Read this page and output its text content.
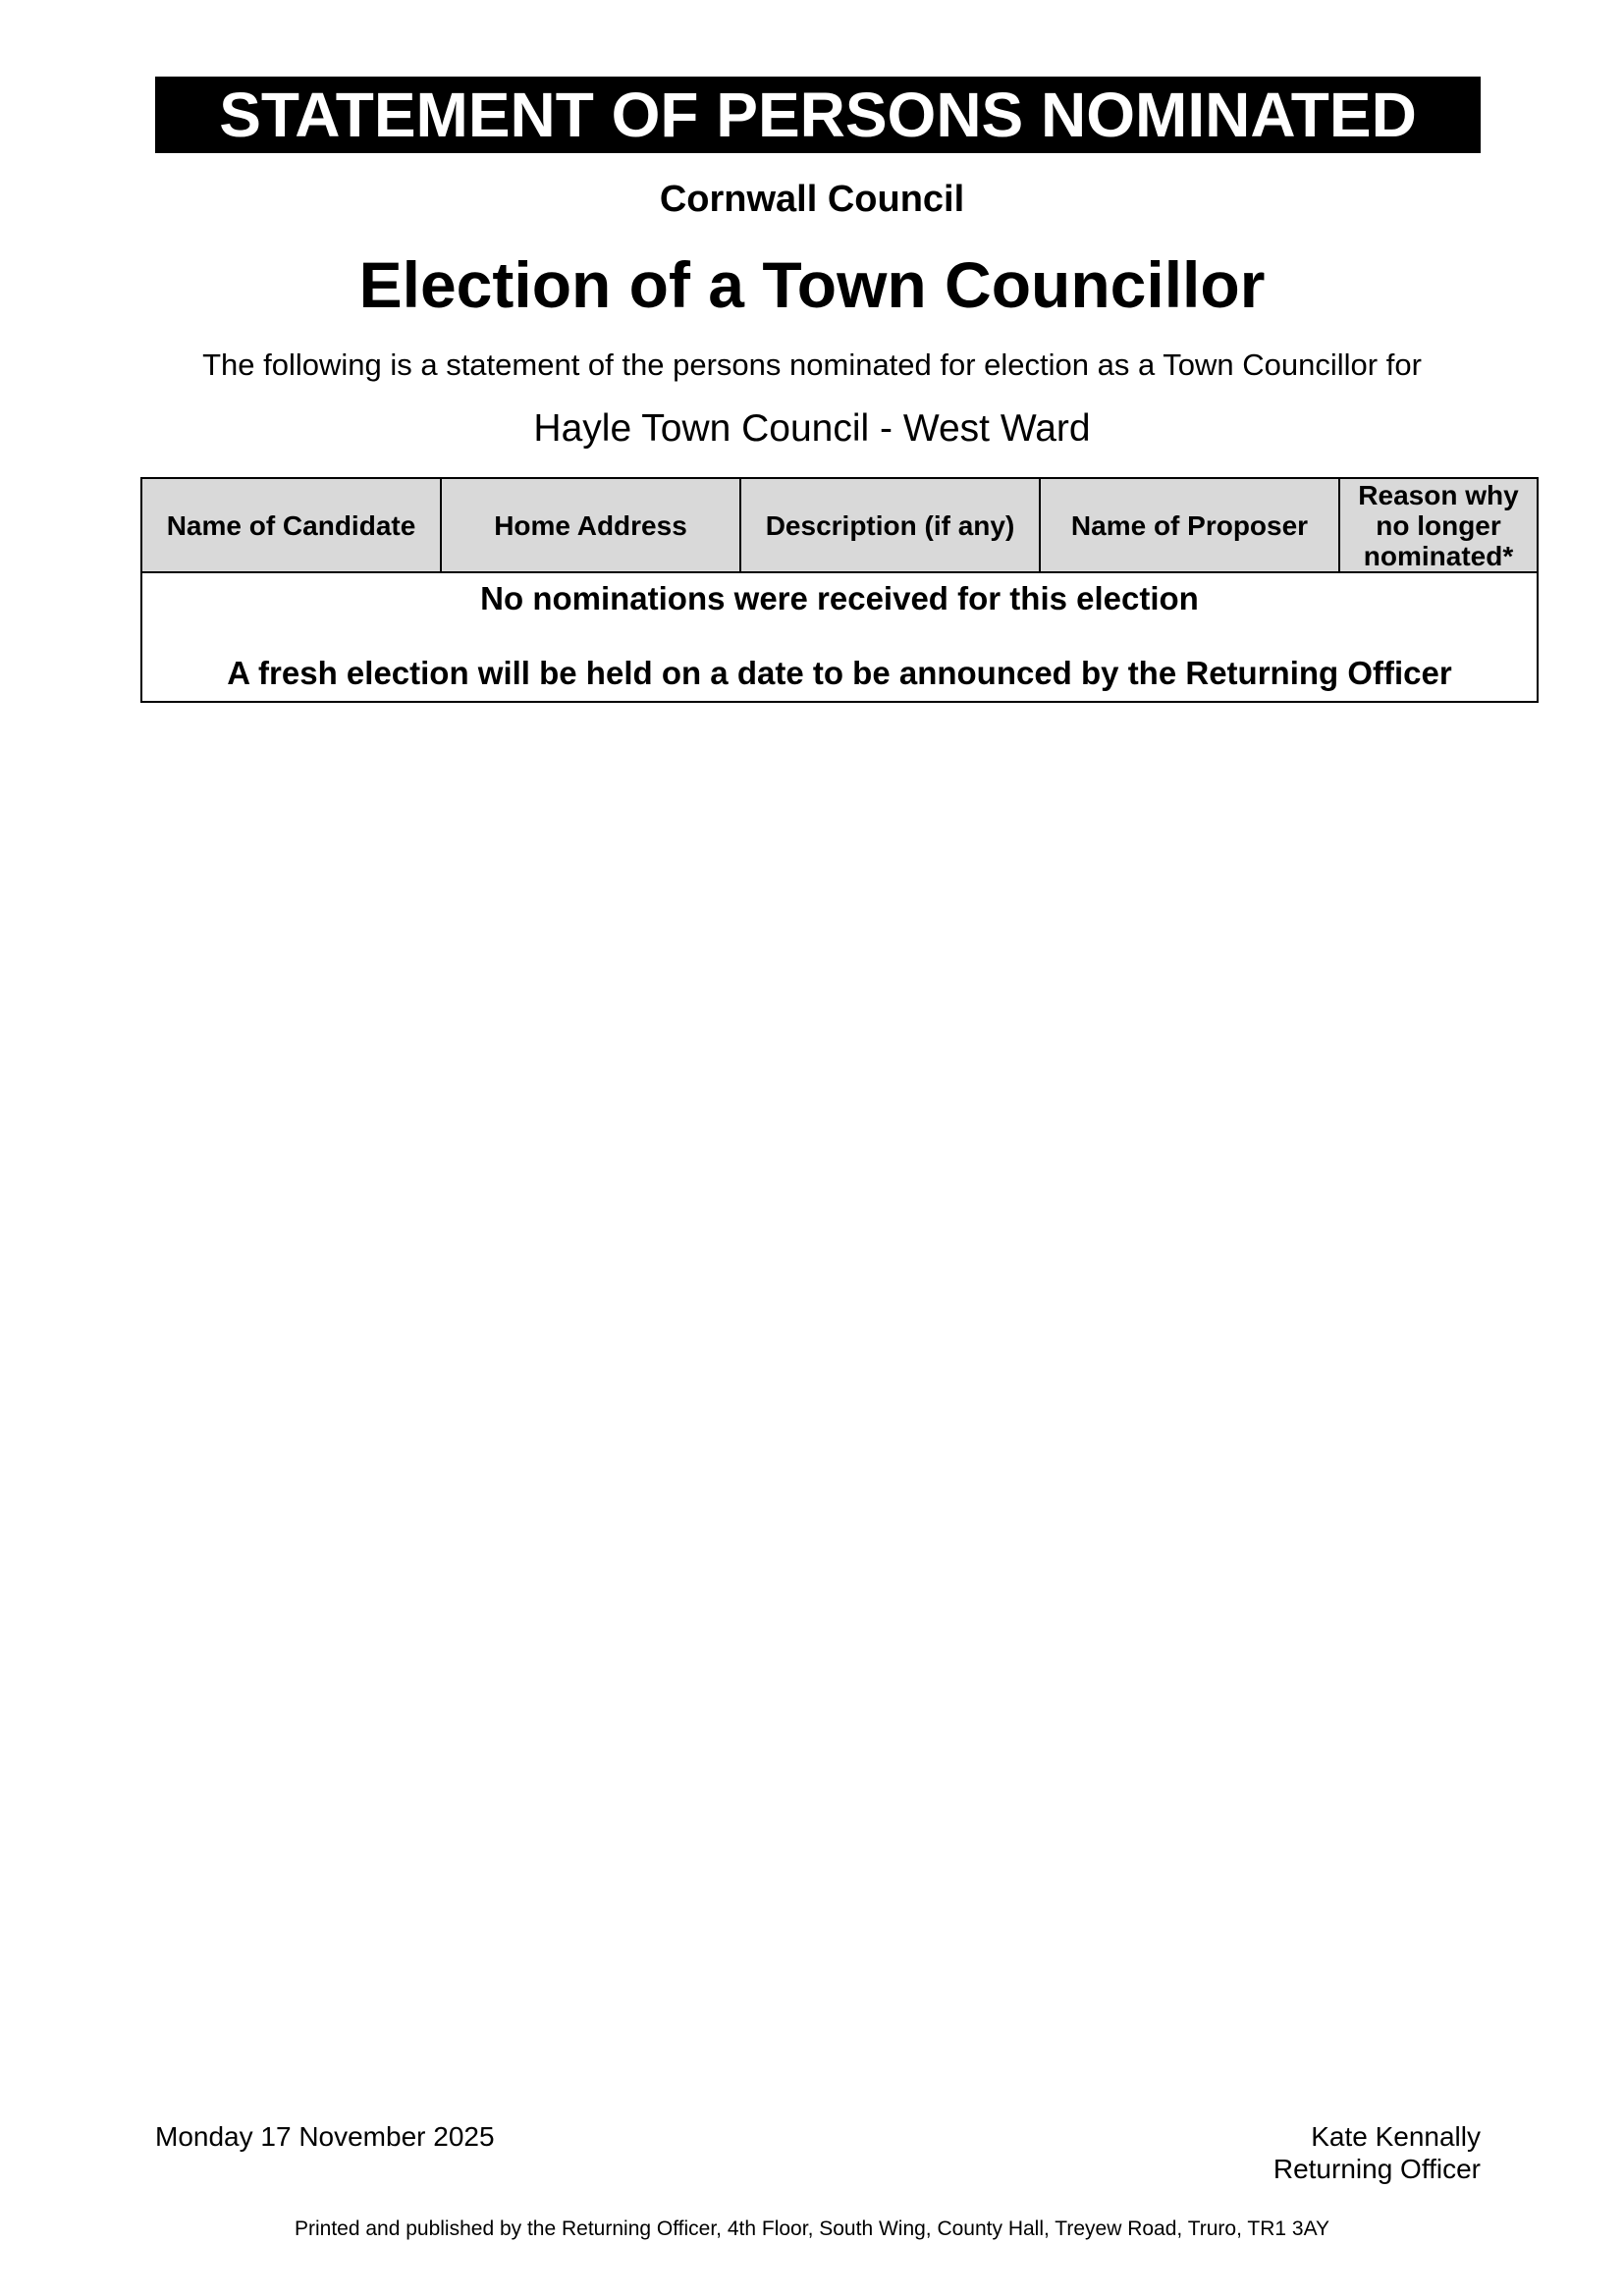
STATEMENT OF PERSONS NOMINATED
Cornwall Council
Election of a Town Councillor
The following is a statement of the persons nominated for election as a Town Councillor for
Hayle Town Council - West Ward
Name of Candidate	Home Address	Description (if any)	Name of Proposer	Reason why no longer nominated*

No nominations were received for this election
A fresh election will be held on a date to be announced by the Returning Officer
Monday 17 November 2025	Kate Kennally
Returning Officer
Printed and published by the Returning Officer, 4th Floor, South Wing, County Hall, Treyew Road, Truro, TR1 3AY
